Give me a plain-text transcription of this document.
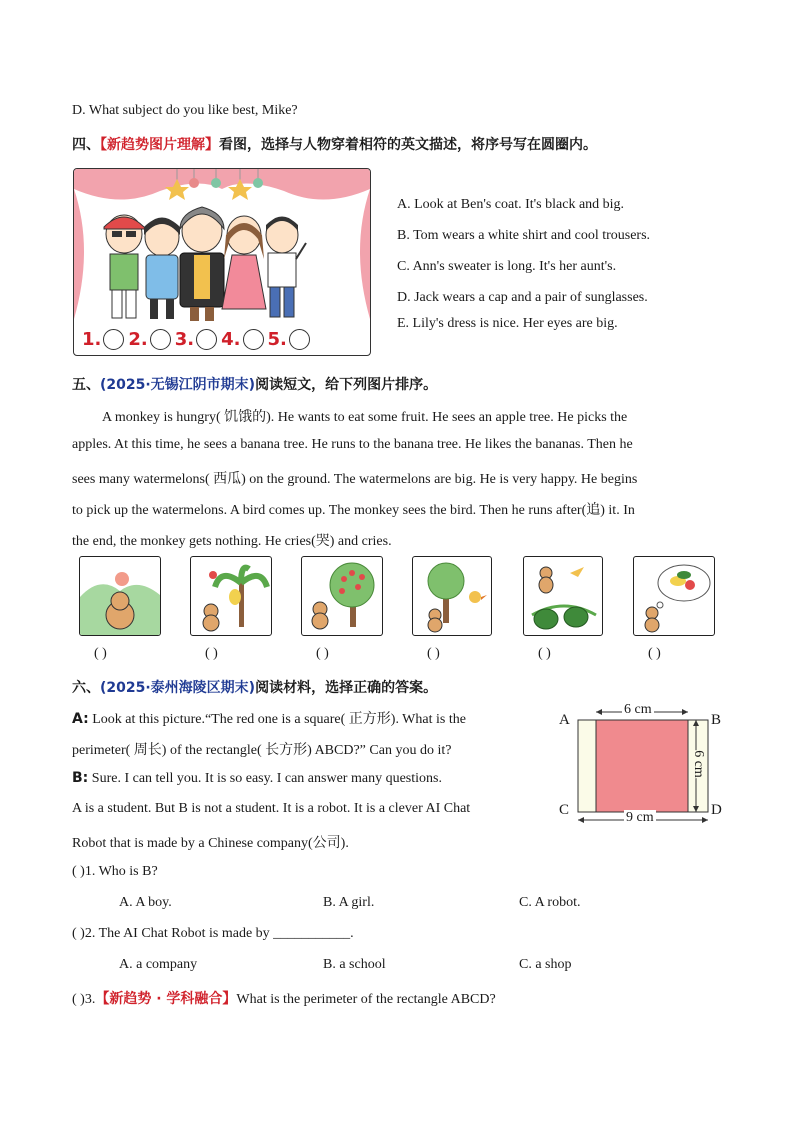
D. What subject do you like best, Mike?
四、【新趋势图片理解】看图，选择与人物穿着相符的英文描述，将序号写在圆圈内。
1. 2. 3. 4. 5.
A. Look at Ben's coat. It's black and big.
B. Tom wears a white shirt and cool trousers.
C. Ann's sweater is long. It's her aunt's.
D. Jack wears a cap and a pair of sunglasses.
E. Lily's dress is nice. Her eyes are big.
五、(2025·无锡江阴市期末)阅读短文，给下列图片排序。
A monkey is hungry( 饥饿的). He wants to eat some fruit. He sees an apple tree. He picks the
apples. At this time, he sees a banana tree. He runs to the banana tree. He likes the bananas. Then he
sees many watermelons( 西瓜) on the ground. The watermelons are big. He is very happy. He begins
to pick up the watermelons. A bird comes up. The monkey sees the bird. Then he runs after(追) it. In
the end, the monkey gets nothing. He cries(哭) and cries.
( )	( )	( )	( )	( )	( )
六、(2025·泰州海陵区期末)阅读材料，选择正确的答案。
A: Look at this picture.“The red one is a square( 正方形). What is the
perimeter( 周长) of the rectangle( 长方形) ABCD?” Can you do it?
B: Sure. I can tell you. It is so easy. I can answer many questions.
A is a student. But B is not a student. It is a robot. It is a clever AI Chat
Robot that is made by a Chinese company(公司).
A	B
C	D
6 cm
6 cm
9 cm
( )1. Who is B?
A. A boy.	B. A girl.	C. A robot.
( )2. The AI Chat Robot is made by ___________.
A. a company	B. a school	C. a shop
( )3.【新趋势 · 学科融合】What is the perimeter of the rectangle ABCD?
